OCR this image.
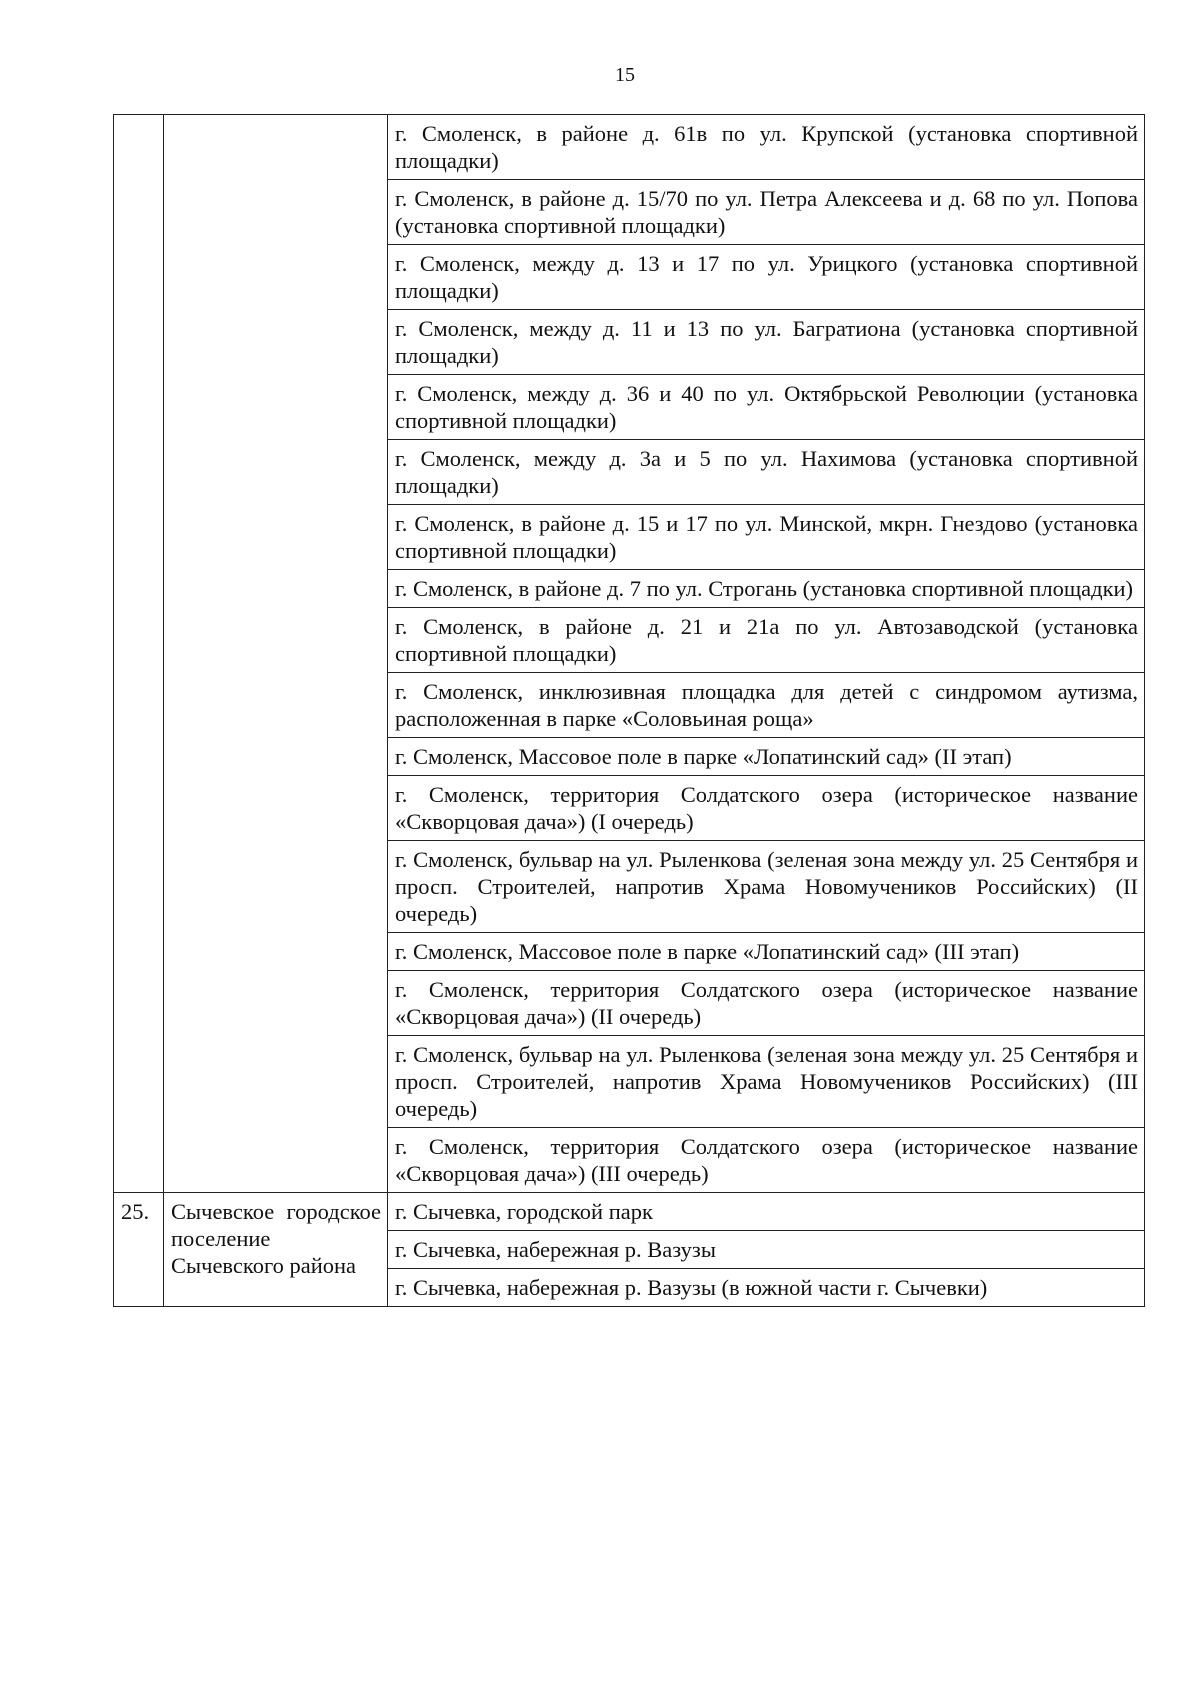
15
		г. Смоленск, в районе д. 61в по ул. Крупской (установка спортивной площадки)
		г. Смоленск, в районе д. 15/70 по ул. Петра Алексеева и д. 68 по ул. Попова (установка спортивной площадки)
		г. Смоленск, между д. 13 и 17 по ул. Урицкого (установка спортивной площадки)
		г. Смоленск, между д. 11 и 13 по ул. Багратиона (установка спортивной площадки)
		г. Смоленск, между д. 36 и 40 по ул. Октябрьской Революции (установка спортивной площадки)
		г. Смоленск, между д. 3а и 5 по ул. Нахимова (установка спортивной площадки)
		г. Смоленск, в районе д. 15 и 17 по ул. Минской, мкрн. Гнездово (установка спортивной площадки)
		г. Смоленск, в районе д. 7 по ул. Строгань (установка спортивной площадки)
		г. Смоленск, в районе д. 21 и 21а по ул. Автозаводской (установка спортивной площадки)
		г. Смоленск, инклюзивная площадка для детей с синдромом аутизма, расположенная в парке «Соловьиная роща»
		г. Смоленск, Массовое поле в парке «Лопатинский сад» (II этап)
		г. Смоленск, территория Солдатского озера (историческое название «Скворцовая дача») (I очередь)
		г. Смоленск, бульвар на ул. Рыленкова (зеленая зона между ул. 25 Сентября и просп. Строителей, напротив Храма Новомучеников Российских) (II очередь)
		г. Смоленск, Массовое поле в парке «Лопатинский сад» (III этап)
		г. Смоленск, территория Солдатского озера (историческое название «Скворцовая дача») (II очередь)
		г. Смоленск, бульвар на ул. Рыленкова (зеленая зона между ул. 25 Сентября и просп. Строителей, напротив Храма Новомучеников Российских) (III очередь)
		г. Смоленск, территория Солдатского озера (историческое название «Скворцовая дача») (III очередь)
25.	Сычевское городское поселение Сычевского района	г. Сычевка, городской парк
		г. Сычевка, набережная р. Вазузы
		г. Сычевка, набережная р. Вазузы (в южной части г. Сычевки)
